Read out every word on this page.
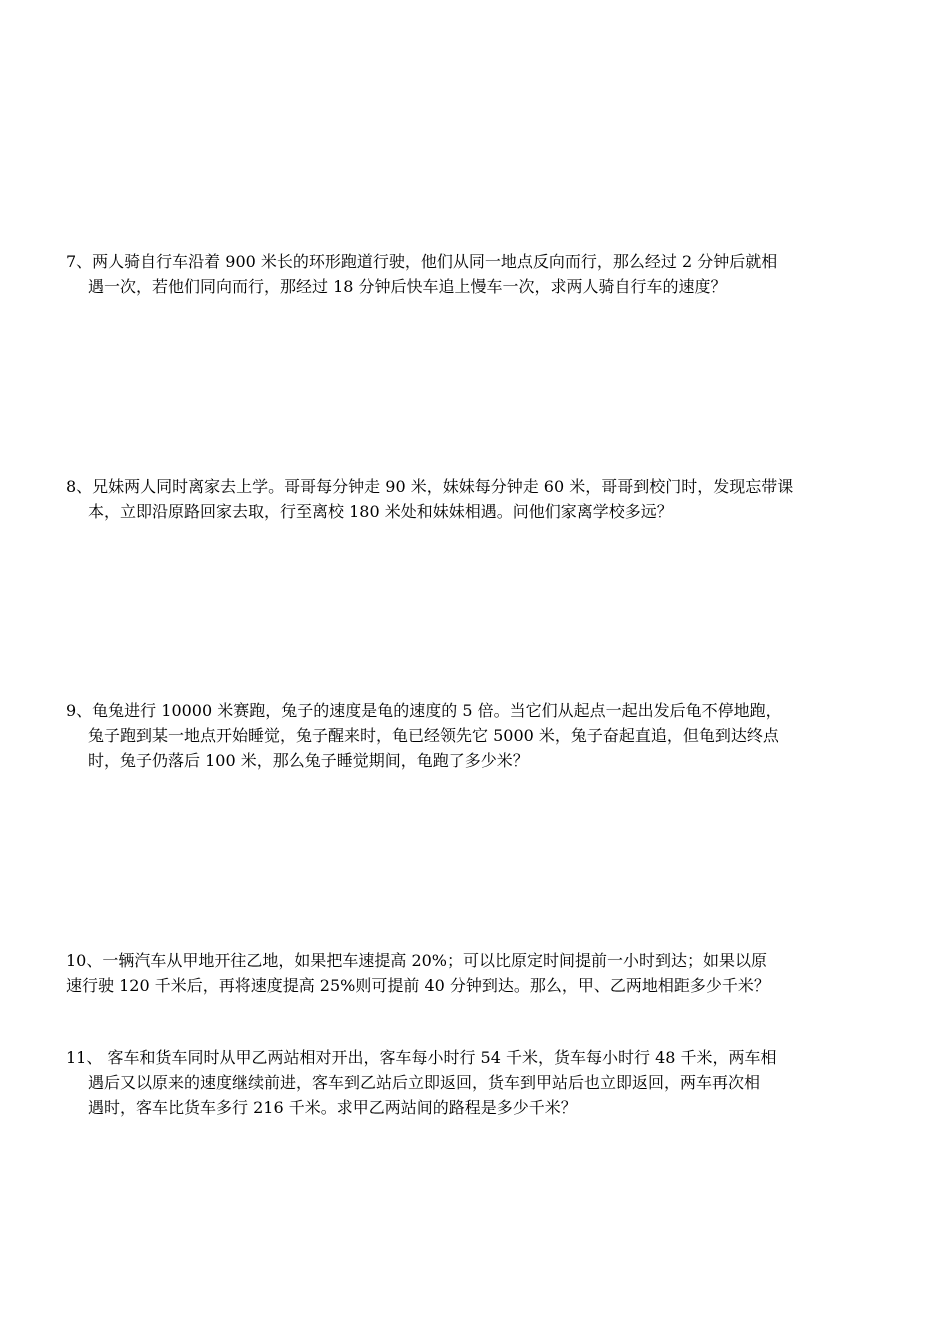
7、两人骑自行车沿着 900 米长的环形跑道行驶，他们从同一地点反向而行，那么经过 2 分钟后就相

遇一次，若他们同向而行，那经过 18 分钟后快车追上慢车一次，求两人骑自行车的速度？

8、兄妹两人同时离家去上学。哥哥每分钟走 90 米，妹妹每分钟走 60 米，哥哥到校门时，发现忘带课

本，立即沿原路回家去取，行至离校 180 米处和妹妹相遇。问他们家离学校多远？

9、龟兔进行 10000 米赛跑，兔子的速度是龟的速度的 5 倍。当它们从起点一起出发后龟不停地跑，

兔子跑到某一地点开始睡觉，兔子醒来时，龟已经领先它 5000 米，兔子奋起直追，但龟到达终点

时，兔子仍落后 100 米，那么兔子睡觉期间，龟跑了多少米？

10、一辆汽车从甲地开往乙地，如果把车速提高 20%；可以比原定时间提前一小时到达；如果以原

速行驶 120 千米后，再将速度提高 25%则可提前 40 分钟到达。那么，甲、乙两地相距多少千米？

11、 客车和货车同时从甲乙两站相对开出，客车每小时行 54 千米，货车每小时行 48 千米，两车相

遇后又以原来的速度继续前进，客车到乙站后立即返回，货车到甲站后也立即返回，两车再次相

遇时，客车比货车多行 216 千米。求甲乙两站间的路程是多少千米？
